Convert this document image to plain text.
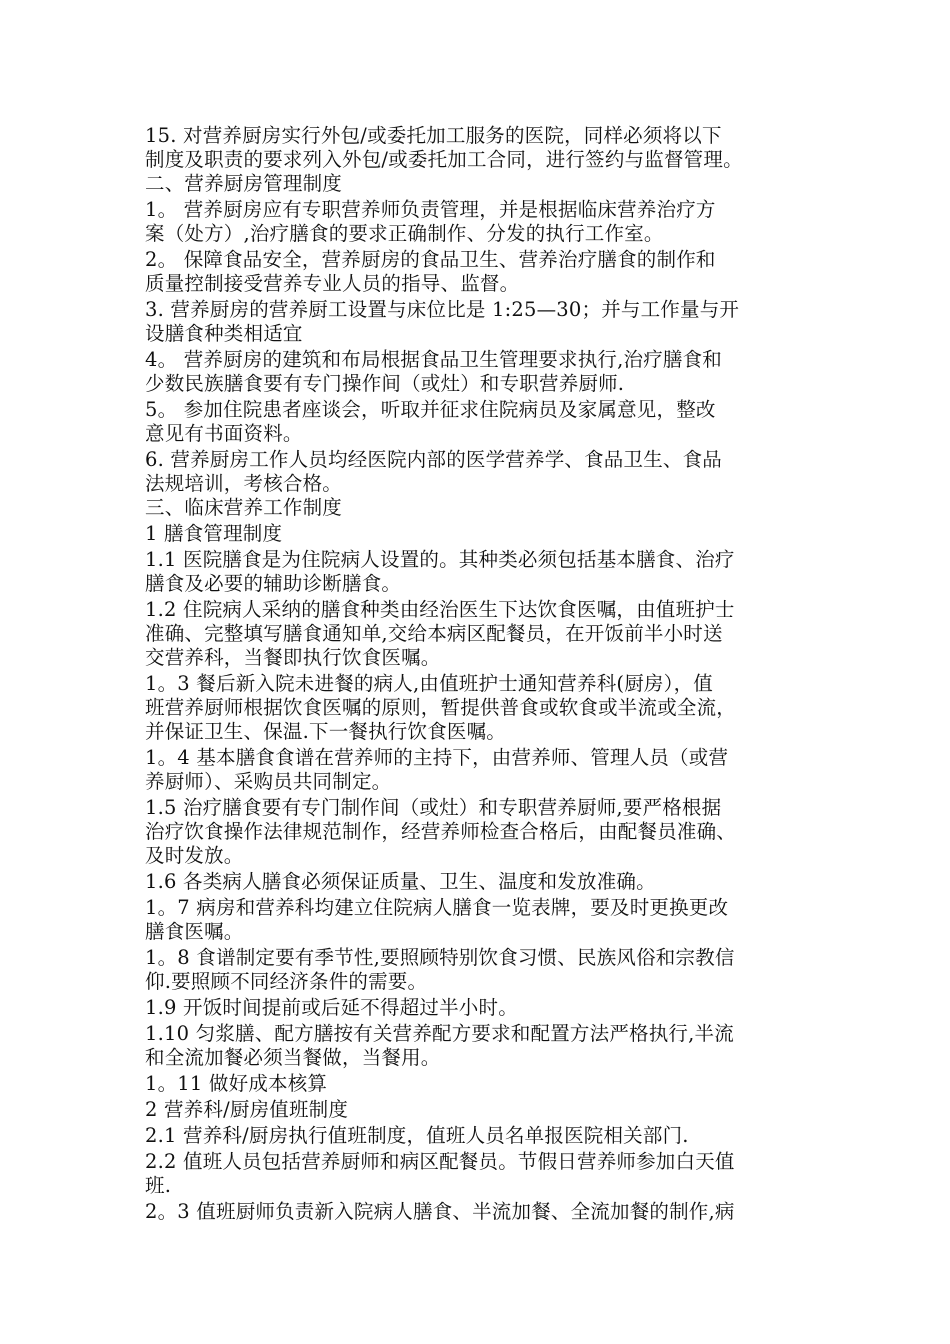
15. 对营养厨房实行外包/或委托加工服务的医院，同样必须将以下

制度及职责的要求列入外包/或委托加工合同，进行签约与监督管理。

二、营养厨房管理制度

1。 营养厨房应有专职营养师负责管理，并是根据临床营养治疗方

案（处方）,治疗膳食的要求正确制作、分发的执行工作室。

2。 保障食品安全，营养厨房的食品卫生、营养治疗膳食的制作和

质量控制接受营养专业人员的指导、监督。

3. 营养厨房的营养厨工设置与床位比是 1:25—30；并与工作量与开

设膳食种类相适宜

4。 营养厨房的建筑和布局根据食品卫生管理要求执行,治疗膳食和

少数民族膳食要有专门操作间（或灶）和专职营养厨师.

5。 参加住院患者座谈会，听取并征求住院病员及家属意见，整改

意见有书面资料。

6. 营养厨房工作人员均经医院内部的医学营养学、食品卫生、食品

法规培训，考核合格。

三、临床营养工作制度

1 膳食管理制度

1.1 医院膳食是为住院病人设置的。其种类必须包括基本膳食、治疗

膳食及必要的辅助诊断膳食。

1.2 住院病人采纳的膳食种类由经治医生下达饮食医嘱，由值班护士

准确、完整填写膳食通知单,交给本病区配餐员，在开饭前半小时送

交营养科，当餐即执行饮食医嘱。

1。3 餐后新入院未进餐的病人,由值班护士通知营养科(厨房），值

班营养厨师根据饮食医嘱的原则，暂提供普食或软食或半流或全流，

并保证卫生、保温.下一餐执行饮食医嘱。

1。4 基本膳食食谱在营养师的主持下，由营养师、管理人员（或营

养厨师）、采购员共同制定。

1.5 治疗膳食要有专门制作间（或灶）和专职营养厨师,要严格根据

治疗饮食操作法律规范制作，经营养师检查合格后，由配餐员准确、

及时发放。

1.6 各类病人膳食必须保证质量、卫生、温度和发放准确。

1。7 病房和营养科均建立住院病人膳食一览表牌，要及时更换更改

膳食医嘱。

1。8 食谱制定要有季节性,要照顾特别饮食习惯、民族风俗和宗教信

仰.要照顾不同经济条件的需要。

1.9 开饭时间提前或后延不得超过半小时。

1.10 匀浆膳、配方膳按有关营养配方要求和配置方法严格执行,半流

和全流加餐必须当餐做，当餐用。

1。11 做好成本核算

2 营养科/厨房值班制度

2.1 营养科/厨房执行值班制度，值班人员名单报医院相关部门.

2.2 值班人员包括营养厨师和病区配餐员。节假日营养师参加白天值

班.

2。3 值班厨师负责新入院病人膳食、半流加餐、全流加餐的制作,病
